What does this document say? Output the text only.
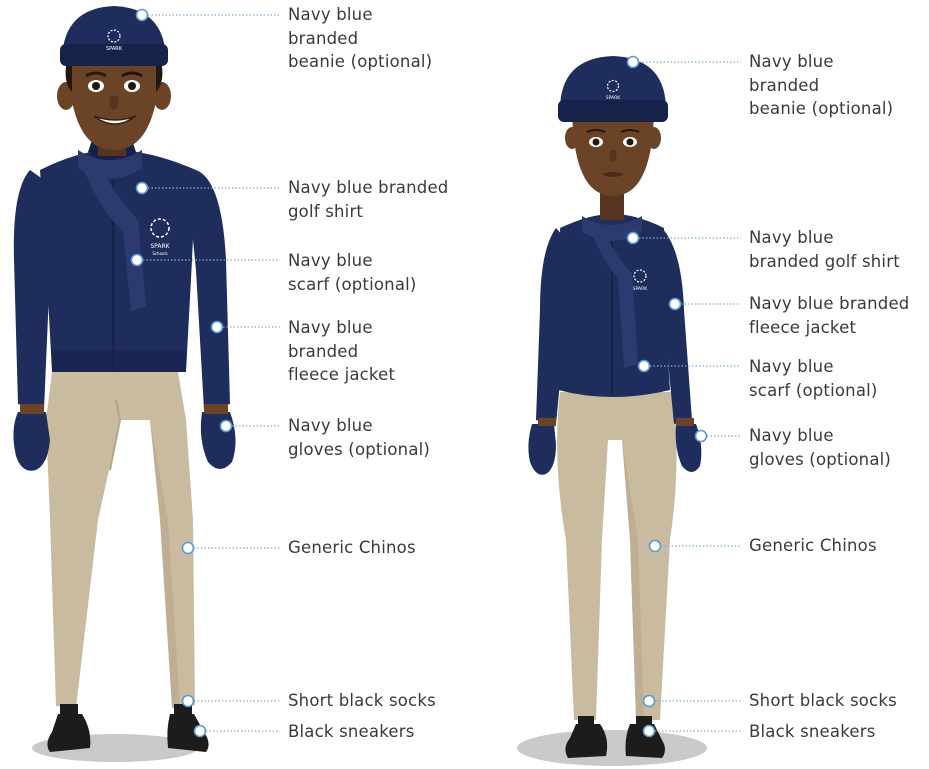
SPARK
Schools
SPARK
SPARK
SPARK
Navy blue
branded
beanie (optional)
Navy blue branded
golf shirt
Navy blue
scarf (optional)
Navy blue
branded
fleece jacket
Navy blue
gloves (optional)
Generic Chinos
Short black socks
Black sneakers
Navy blue
branded
beanie (optional)
Navy blue
branded golf shirt
Navy blue branded
fleece jacket
Navy blue
scarf (optional)
Navy blue
gloves (optional)
Generic Chinos
Short black socks
Black sneakers
